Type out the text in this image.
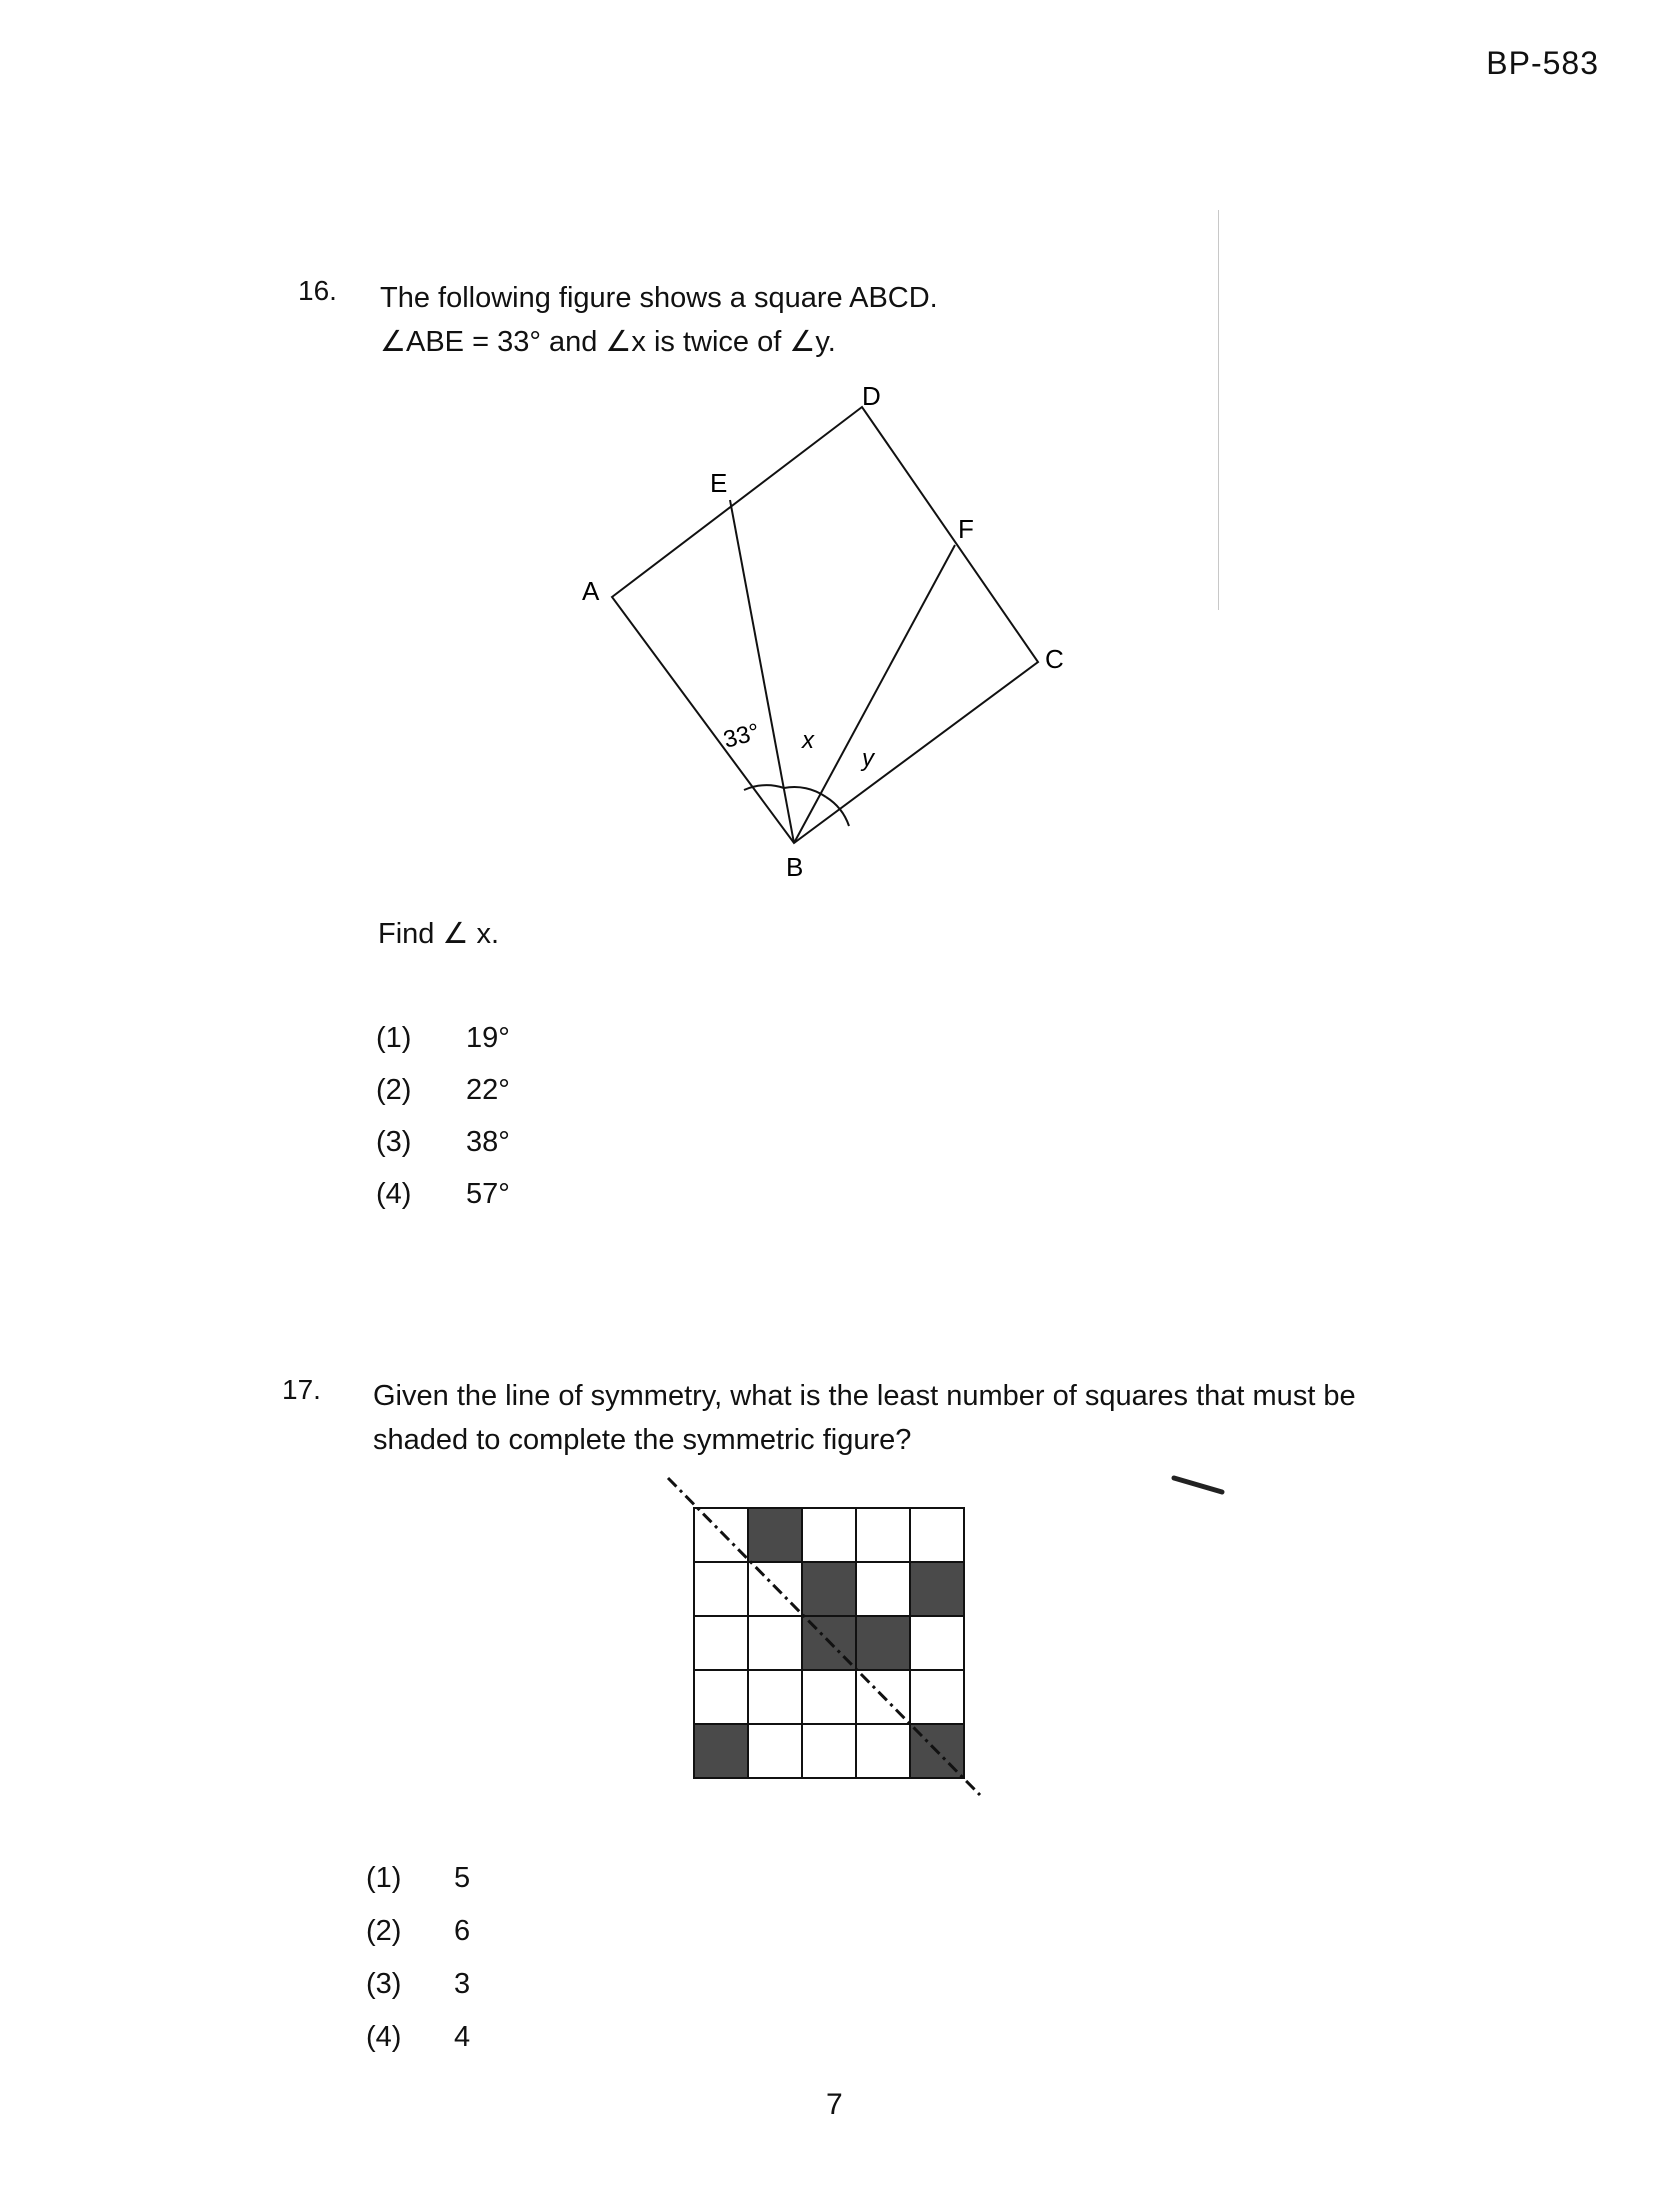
BP-583
16. The following figure shows a square ABCD.
∠ABE = 33° and ∠x is twice of ∠y.
A
B
C
D
E
F
33° x
y
Find ∠ x.
(1)	19°
(2)	22°
(3)	38°
(4)	57°
17. Given the line of symmetry, what is the least number of squares that must be
shaded to complete the symmetric figure?
(1)	5
(2)	6
(3)	3
(4)	4
7
